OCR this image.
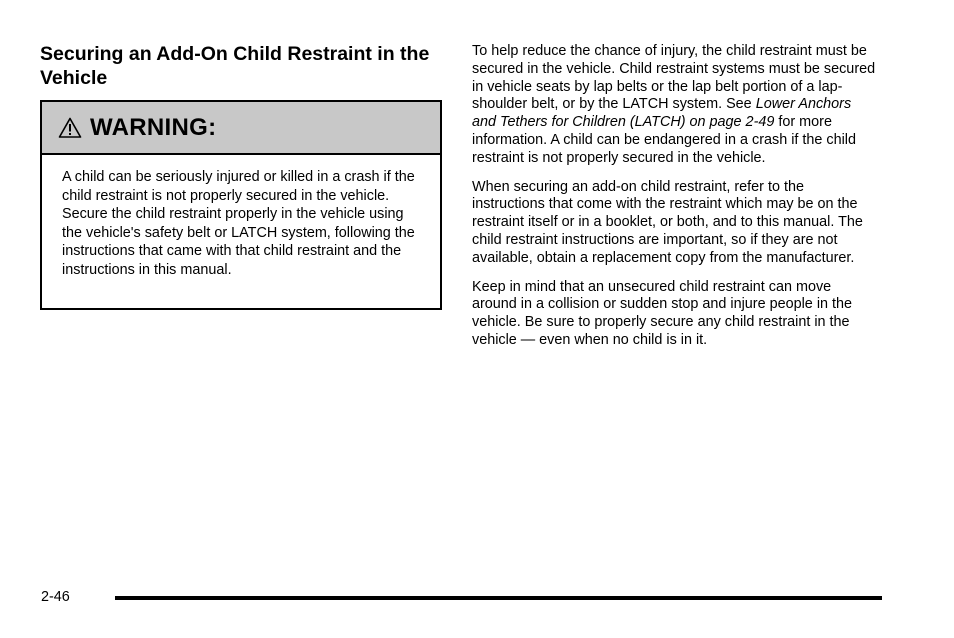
Securing an Add-On Child Restraint in the Vehicle
WARNING:

A child can be seriously injured or killed in a crash if the child restraint is not properly secured in the vehicle. Secure the child restraint properly in the vehicle using the vehicle's safety belt or LATCH system, following the instructions that came with that child restraint and the instructions in this manual.

To help reduce the chance of injury, the child restraint must be secured in the vehicle. Child restraint systems must be secured in vehicle seats by lap belts or the lap belt portion of a lap-shoulder belt, or by the LATCH system. See Lower Anchors and Tethers for Children (LATCH) on page 2-49 for more information. A child can be endangered in a crash if the child restraint is not properly secured in the vehicle.

When securing an add-on child restraint, refer to the instructions that come with the restraint which may be on the restraint itself or in a booklet, or both, and to this manual. The child restraint instructions are important, so if they are not available, obtain a replacement copy from the manufacturer.

Keep in mind that an unsecured child restraint can move around in a collision or sudden stop and injure people in the vehicle. Be sure to properly secure any child restraint in the vehicle — even when no child is in it.

2-46
